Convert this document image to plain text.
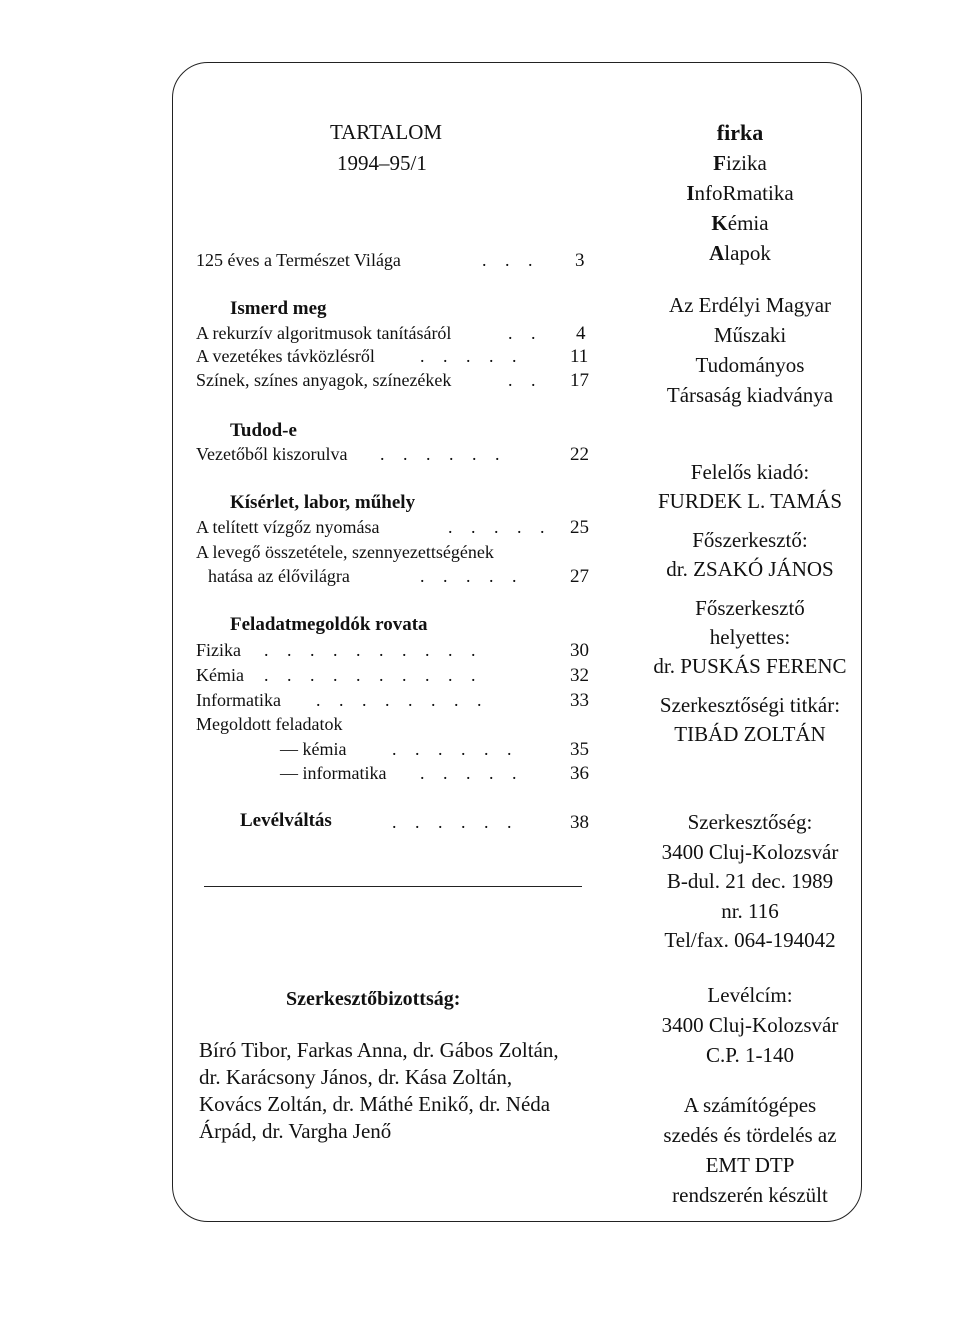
TARTALOM
1994–95/1
125 éves a Természet Világa	. . . 3
Ismerd meg
A rekurzív algoritmusok tanításáról	. . 4
A vezetékes távközlésről	. . . . . 11
Színek, színes anyagok, színezékek	. . 17
Tudod-e
Vezetőből kiszorulva . . . . . .	22
Kísérlet, labor, műhely
A telített vízgőz nyomása	. . . . . 25
A levegő összetétele, szennyezettségének
hatása az élővilágra	. . . . . 27
Feladatmegoldók rovata
Fizika . . . . . . . . . .	30
Kémia . . . . . . . . . .	32
Informatika . . . . . . . .	33
Megoldott feladatok
— kémia	. . . . . .	35
— informatika . . . . . 36
Levélváltás	. . . . . .	38
Szerkesztőbizottság:
Bíró Tibor, Farkas Anna, dr. Gábos Zoltán,
dr. Karácsony János, dr. Kása Zoltán,
Kovács Zoltán, dr. Máthé Enikő, dr. Néda
Árpád, dr. Vargha Jenő
firka
Fizika
InfoRmatika
Kémia
Alapok
Az Erdélyi Magyar
Műszaki
Tudományos
Társaság kiadványa
Felelős kiadó:
FURDEK L. TAMÁS
Főszerkesztő:
dr. ZSAKÓ JÁNOS
Főszerkesztő
helyettes:
dr. PUSKÁS FERENC
Szerkesztőségi titkár:
TIBÁD ZOLTÁN
Szerkesztőség:
3400 Cluj-Kolozsvár
B-dul. 21 dec. 1989
nr. 116
Tel/fax. 064-194042
Levélcím:
3400 Cluj-Kolozsvár
C.P. 1-140
A számítógépes
szedés és tördelés az
EMT DTP
rendszerén készült
